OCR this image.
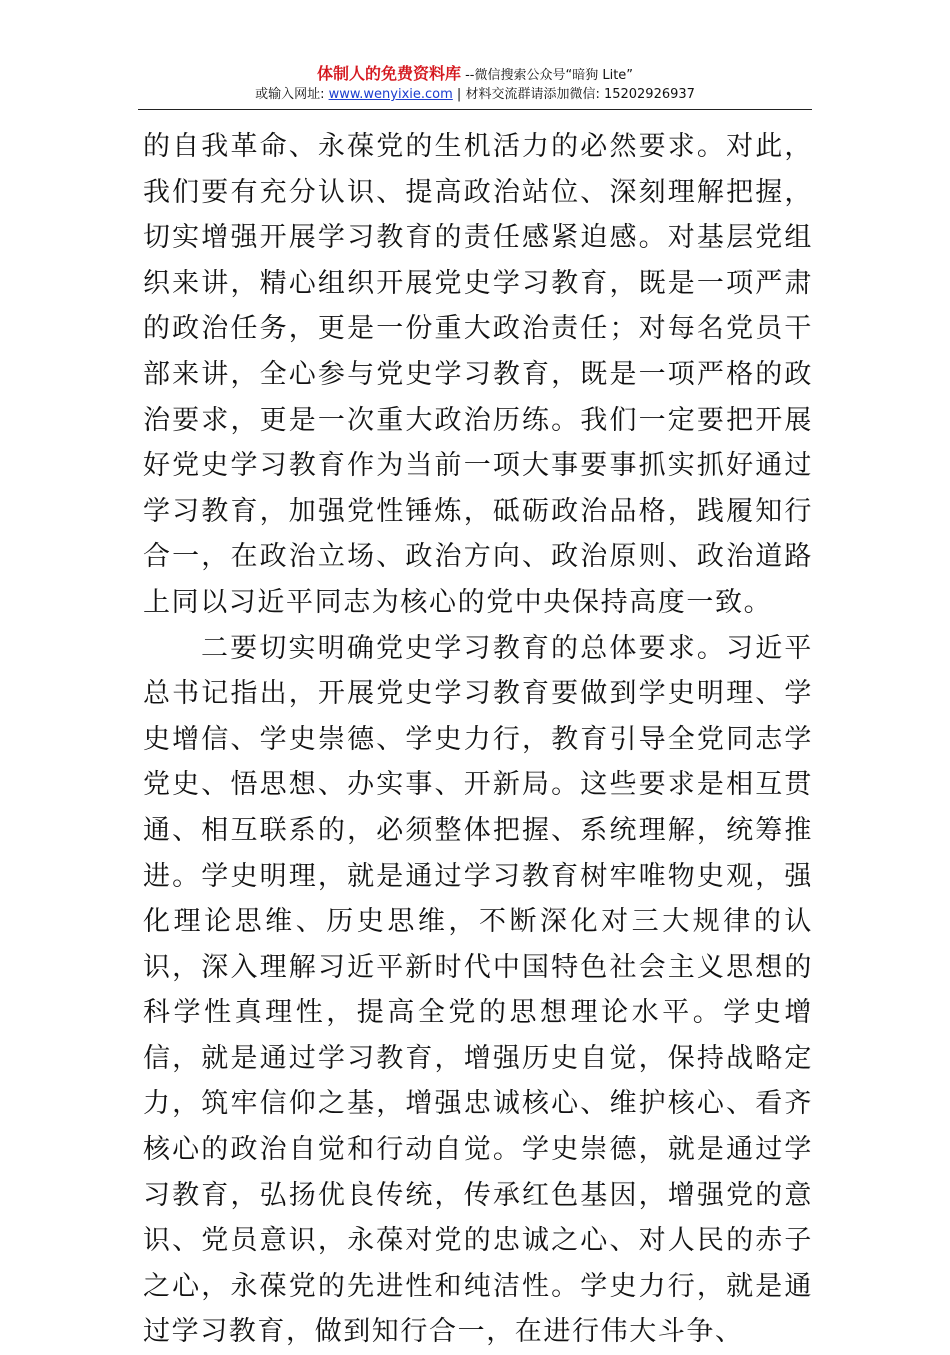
体制人的免费资料库 --微信搜索公众号“暗狗 Lite”
或输入网址: www.wenyixie.com | 材料交流群请添加微信: 15202926937

的自我革命、永葆党的生机活力的必然要求。对此，我们要有充分认识、提高政治站位、深刻理解把握，切实增强开展学习教育的责任感紧迫感。对基层党组织来讲，精心组织开展党史学习教育，既是一项严肃的政治任务，更是一份重大政治责任；对每名党员干部来讲，全心参与党史学习教育，既是一项严格的政治要求，更是一次重大政治历练。我们一定要把开展好党史学习教育作为当前一项大事要事抓实抓好通过学习教育，加强党性锤炼，砥砺政治品格，践履知行合一，在政治立场、政治方向、政治原则、政治道路上同以习近平同志为核心的党中央保持高度一致。

二要切实明确党史学习教育的总体要求。习近平总书记指出，开展党史学习教育要做到学史明理、学史增信、学史崇德、学史力行，教育引导全党同志学党史、悟思想、办实事、开新局。这些要求是相互贯通、相互联系的，必须整体把握、系统理解，统筹推进。学史明理，就是通过学习教育树牢唯物史观，强化理论思维、历史思维，不断深化对三大规律的认识，深入理解习近平新时代中国特色社会主义思想的科学性真理性，提高全党的思想理论水平。学史增信，就是通过学习教育，增强历史自觉，保持战略定力，筑牢信仰之基，增强忠诚核心、维护核心、看齐核心的政治自觉和行动自觉。学史崇德，就是通过学习教育，弘扬优良传统，传承红色基因，增强党的意识、党员意识，永葆对党的忠诚之心、对人民的赤子之心，永葆党的先进性和纯洁性。学史力行，就是通过学习教育，做到知行合一，在进行伟大斗争、
